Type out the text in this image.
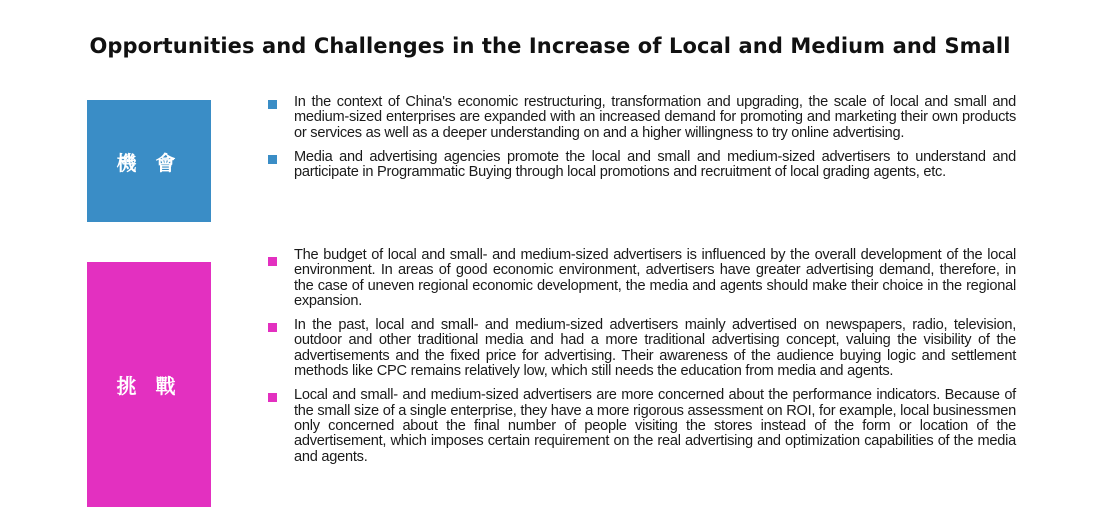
Opportunities and Challenges in the Increase of Local and Medium and Small
機 會
In the context of China's economic restructuring, transformation and upgrading, the scale of local and small and medium-sized enterprises are expanded with an increased demand for promoting and marketing their own products or services as well as a deeper understanding on and a higher willingness to try online advertising.
Media and advertising agencies promote the local and small and medium-sized advertisers to understand and participate in Programmatic Buying through local promotions and recruitment of local grading agents, etc.
挑 戰
The budget of local and small- and medium-sized advertisers is influenced by the overall development of the local environment. In areas of good economic environment, advertisers have greater advertising demand, therefore, in the case of uneven regional economic development, the media and agents should make their choice in the regional expansion.
In the past, local and small- and medium-sized advertisers mainly advertised on newspapers, radio, television, outdoor and other traditional media and had a more traditional advertising concept, valuing the visibility of the advertisements and the fixed price for advertising. Their awareness of the audience buying logic and settlement methods like CPC remains relatively low, which still needs the education from media and agents.
Local and small- and medium-sized advertisers are more concerned about the performance indicators. Because of the small size of a single enterprise, they have a more rigorous assessment on ROI, for example, local businessmen only concerned about the final number of people visiting the stores instead of the form or location of the advertisement, which imposes certain requirement on the real advertising and optimization capabilities of the media and agents.
